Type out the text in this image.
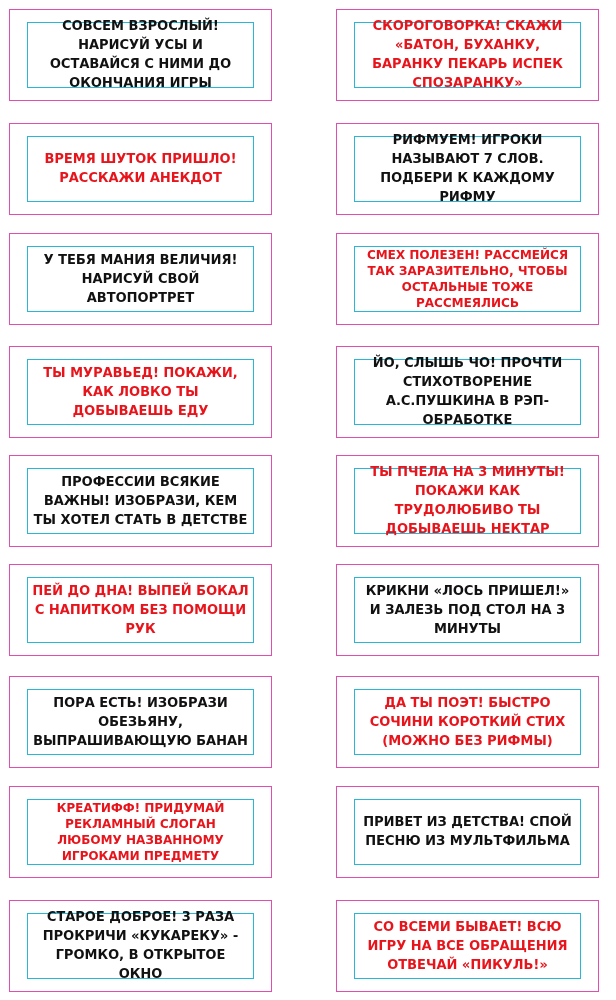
СОВСЕМ ВЗРОСЛЫЙ! НАРИСУЙ УСЫ И ОСТАВАЙСЯ С НИМИ ДО ОКОНЧАНИЯ ИГРЫ
СКОРОГОВОРКА! СКАЖИ «БАТОН, БУХАНКУ, БАРАНКУ ПЕКАРЬ ИСПЕК СПОЗАРАНКУ»
ВРЕМЯ ШУТОК ПРИШЛО! РАССКАЖИ АНЕКДОТ
РИФМУЕМ! ИГРОКИ НАЗЫВАЮТ 7 СЛОВ. ПОДБЕРИ К КАЖДОМУ РИФМУ
У ТЕБЯ МАНИЯ ВЕЛИЧИЯ! НАРИСУЙ СВОЙ АВТОПОРТРЕТ
СМЕХ ПОЛЕЗЕН! РАССМЕЙСЯ ТАК ЗАРАЗИТЕЛЬНО, ЧТОБЫ ОСТАЛЬНЫЕ ТОЖЕ РАССМЕЯЛИСЬ
ТЫ МУРАВЬЕД! ПОКАЖИ, КАК ЛОВКО ТЫ ДОБЫВАЕШЬ ЕДУ
ЙО, СЛЫШЬ ЧО! ПРОЧТИ СТИХОТВОРЕНИЕ А.С.ПУШКИНА В РЭП-ОБРАБОТКЕ
ПРОФЕССИИ ВСЯКИЕ ВАЖНЫ! ИЗОБРАЗИ, КЕМ ТЫ ХОТЕЛ СТАТЬ В ДЕТСТВЕ
ТЫ ПЧЕЛА НА 3 МИНУТЫ! ПОКАЖИ КАК ТРУДОЛЮБИВО ТЫ ДОБЫВАЕШЬ НЕКТАР
ПЕЙ ДО ДНА! ВЫПЕЙ БОКАЛ С НАПИТКОМ БЕЗ ПОМОЩИ РУК
КРИКНИ «ЛОСЬ ПРИШЕЛ!» И ЗАЛЕЗЬ ПОД СТОЛ НА 3 МИНУТЫ
ПОРА ЕСТЬ! ИЗОБРАЗИ ОБЕЗЬЯНУ, ВЫПРАШИВАЮЩУЮ БАНАН
ДА ТЫ ПОЭТ! БЫСТРО СОЧИНИ КОРОТКИЙ СТИХ (МОЖНО БЕЗ РИФМЫ)
КРЕАТИФФ! ПРИДУМАЙ РЕКЛАМНЫЙ СЛОГАН ЛЮБОМУ НАЗВАННОМУ ИГРОКАМИ ПРЕДМЕТУ
ПРИВЕТ ИЗ ДЕТСТВА! СПОЙ ПЕСНЮ ИЗ МУЛЬТФИЛЬМА
СТАРОЕ ДОБРОЕ! 3 РАЗА ПРОКРИЧИ «КУКАРЕКУ» - ГРОМКО, В ОТКРЫТОЕ ОКНО
СО ВСЕМИ БЫВАЕТ! ВСЮ ИГРУ НА ВСЕ ОБРАЩЕНИЯ ОТВЕЧАЙ «ПИКУЛЬ!»
